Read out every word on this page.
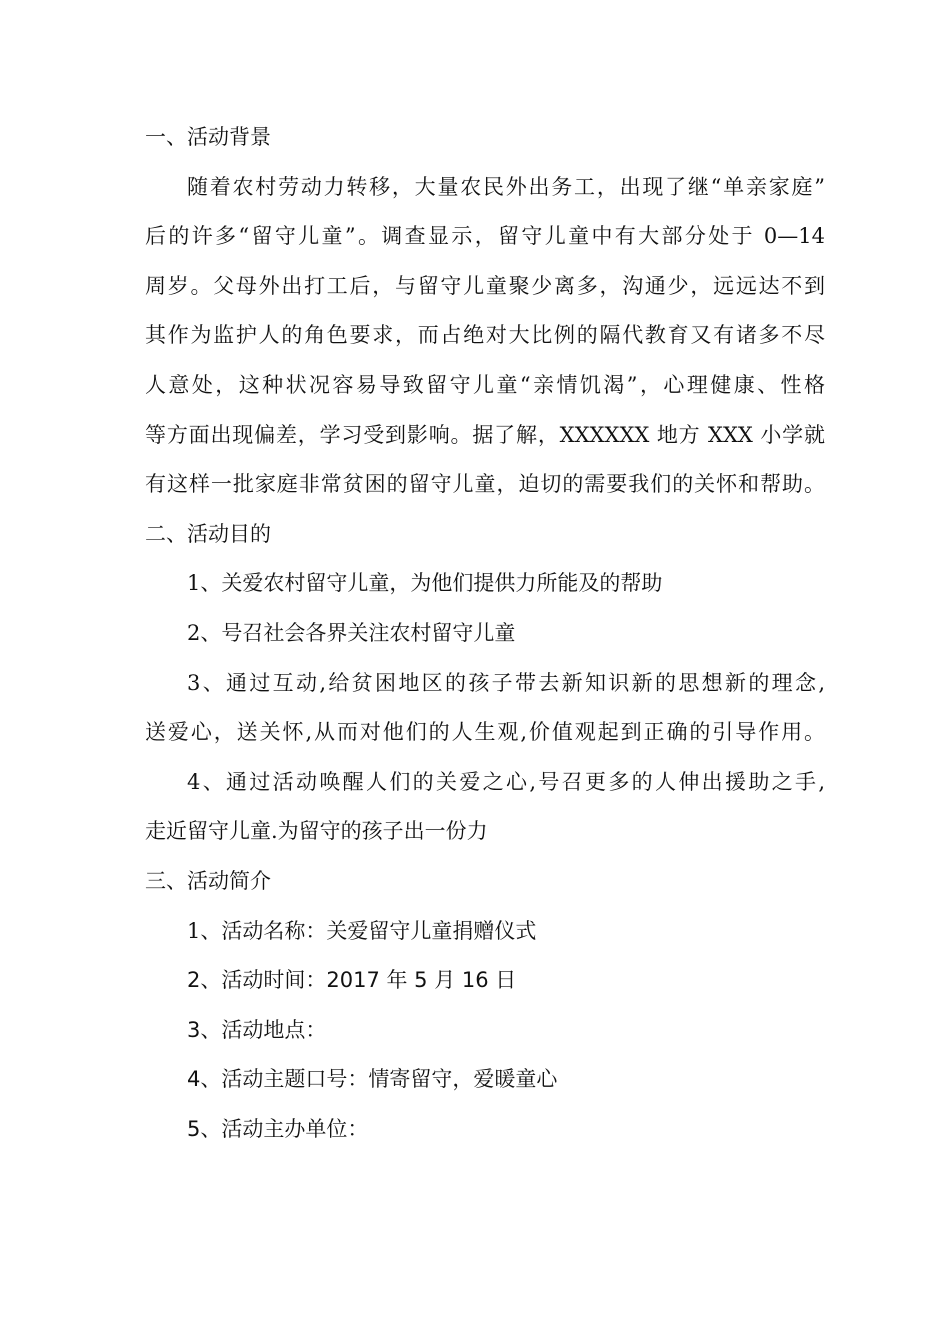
一、活动背景
随着农村劳动力转移，大量农民外出务工，出现了继“单亲家庭”
后的许多“留守儿童”。调查显示，留守儿童中有大部分处于 0—14
周岁。父母外出打工后，与留守儿童聚少离多，沟通少，远远达不到
其作为监护人的角色要求，而占绝对大比例的隔代教育又有诸多不尽
人意处，这种状况容易导致留守儿童“亲情饥渴”，心理健康、性格
等方面出现偏差，学习受到影响。据了解，XXXXXX 地方 XXX 小学就
有这样一批家庭非常贫困的留守儿童，迫切的需要我们的关怀和帮助。
二、活动目的
1、关爱农村留守儿童，为他们提供力所能及的帮助
2、号召社会各界关注农村留守儿童
3、通过互动,给贫困地区的孩子带去新知识新的思想新的理念,
送爱心，送关怀,从而对他们的人生观,价值观起到正确的引导作用。
4、通过活动唤醒人们的关爱之心,号召更多的人伸出援助之手,
走近留守儿童.为留守的孩子出一份力
三、活动简介
1、活动名称：关爱留守儿童捐赠仪式
2、活动时间：2017 年 5 月 16 日
3、活动地点：
4、活动主题口号：情寄留守，爱暖童心
5、活动主办单位：
